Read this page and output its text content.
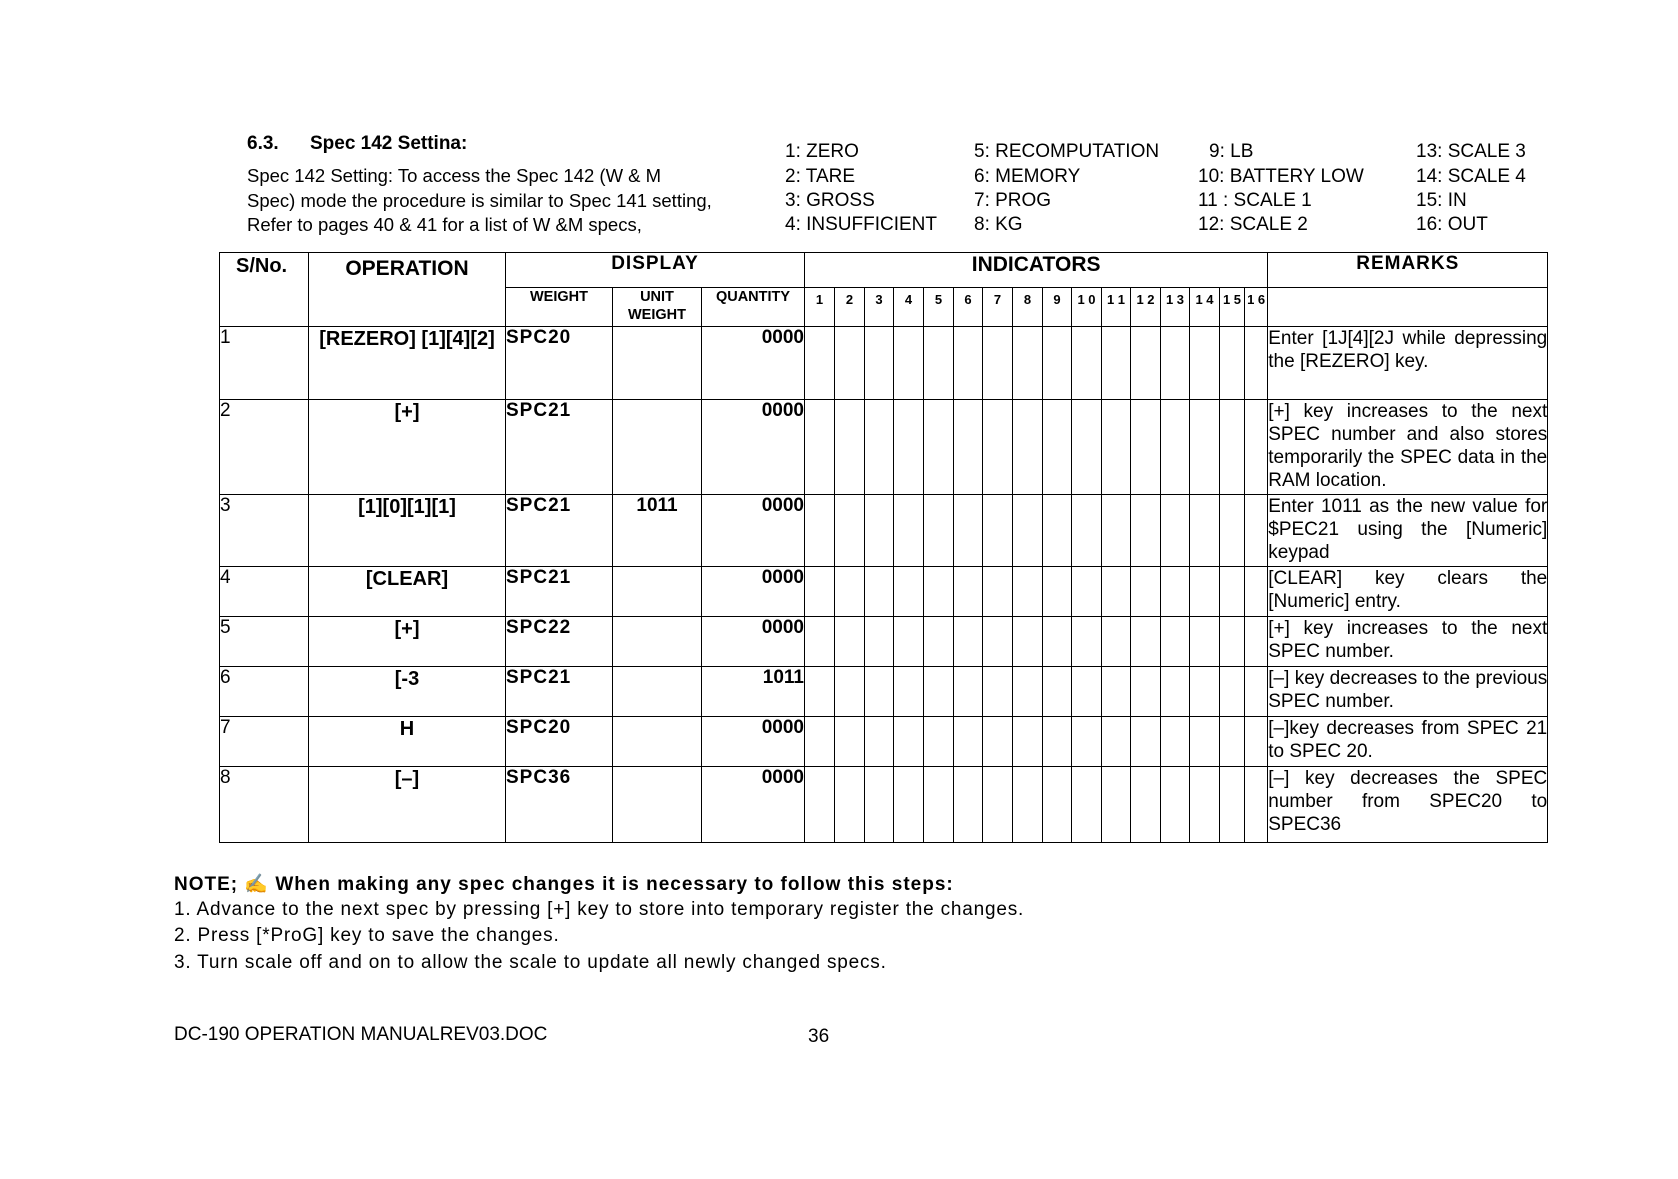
6.3. Spec 142 Settina:
Spec 142 Setting: To access the Spec 142 (W & M
Spec) mode the procedure is similar to Spec 141 setting,
Refer to pages 40 & 41 for a list of W &M specs,
1: ZERO	5: RECOMPUTATION	9: LB	13: SCALE 3
2: TARE	6: MEMORY	10: BATTERY LOW	14: SCALE 4
3: GROSS	7: PROG	11 : SCALE 1	15: IN
4: INSUFFICIENT 8: KG	12: SCALE 2	16: OUT
S/No.	OPERATION	DISPLAY			INDICATORS																REMARKS
		WEIGHT	UNIT WEIGHT	QUANTITY	1	2	3	4	5	6	7	8	9	1 0	1 1	1 2	1 3	1 4	1 5	1 6	
1	[REZERO] [1][4][2]	SPC20		0000																	Enter [1J[4][2J while depressing the [REZERO] key.
2	[+]	SPC21		0000																	[+] key increases to the next SPEC number and also stores temporarily the SPEC data in the RAM location.
3	[1][0][1][1]	SPC21	1011	0000																	Enter 1011 as the new value for $PEC21 using the [Numeric] keypad
4	[CLEAR]	SPC21		0000																	[CLEAR] key clears the [Numeric] entry.
5	[+]	SPC22		0000																	[+] key increases to the next SPEC number.
6	[-3	SPC21		1011																	[–] key decreases to the previous SPEC number.
7	H	SPC20		0000																	[–]key decreases from SPEC 21 to SPEC 20.
8	[–]	SPC36		0000																	[–] key decreases the SPEC number from SPEC20 to SPEC36
NOTE; ✍ When making any spec changes it is necessary to follow this steps:
1. Advance to the next spec by pressing [+] key to store into temporary register the changes.
2. Press [*ProG] key to save the changes.
3. Turn scale off and on to allow the scale to update all newly changed specs.
DC-190 OPERATION MANUALREV03.DOC	36
